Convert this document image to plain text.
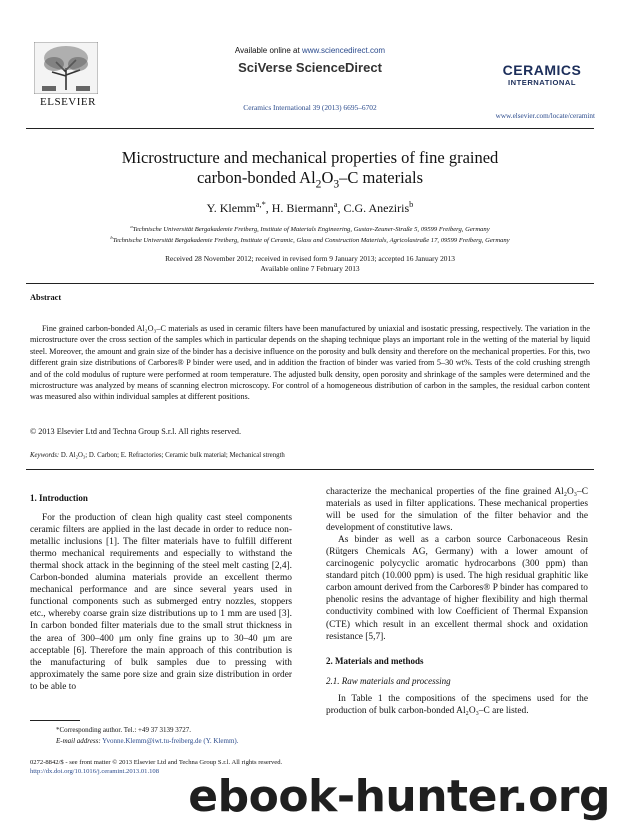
ELSEVIER
Available online at www.sciencedirect.com
SciVerse ScienceDirect
Ceramics International 39 (2013) 6695–6702
CERAMICS
INTERNATIONAL
www.elsevier.com/locate/ceramint
Microstructure and mechanical properties of fine grained
carbon-bonded $Al_2O_3-C$ materials
Y. Klemm$^{a,*}$, H. Biermann$^a$, C.G. Aneziris$^b$
$^a$Technische Universität Bergakademie Freiberg, Institute of Materials Engineering, Gustav-Zeuner-Straße 5, 09599 Freiberg, Germany
$^b$Technische Universität Bergakademie Freiberg, Institute of Ceramic, Glass and Construction Materials, Agricolastraße 17, 09599 Freiberg, Germany
Received 28 November 2012; received in revised form 9 January 2013; accepted 16 January 2013
Available online 7 February 2013
Abstract
Fine grained carbon-bonded Al₂O₃–C materials as used in ceramic filters have been manufactured by uniaxial and isostatic pressing, respectively. The variation in the microstructure over the cross section of the samples which in particular depends on the shaping technique plays an important role in the wetting of the material by liquid steel. Moreover, the amount and grain size of the binder has a decisive influence on the porosity and bulk density and therefore on the mechanical properties. For this, two different grain size distributions of Carbores® P binder were used, and in addition the fraction of binder was varied from 5–30 wt%. Tests of the cold crushing strength and of the cold modulus of rupture were performed at room temperature. The adjusted bulk density, open porosity and shrinkage of the samples were determined and the microstructure was analyzed by means of scanning electron microscopy. For control of a homogeneous distribution of carbon in the samples, the residual carbon content was measured also within individual samples at different positions.
© 2013 Elsevier Ltd and Techna Group S.r.l. All rights reserved.
Keywords: D. Al₂O₃; D. Carbon; E. Refractories; Ceramic bulk material; Mechanical strength
1. Introduction

For the production of clean high quality cast steel components ceramic filters are applied in the last decade in order to reduce non-metallic inclusions [1]. The filter materials have to fulfill different thermo mechanical requirements and especially to withstand the thermal shock attack in the beginning of the steel melt casting [2,4]. Carbon-bonded alumina materials provide an excellent thermo mechanical performance and are since several years used in functional components such as submerged entry nozzles, stoppers etc., whereby coarse grain size distributions up to 1 mm are used [3]. In carbon bonded filter materials due to the small strut thickness in the area of 300–400 μm only fine grains up to 30–40 μm are acceptable [6]. Therefore the main approach of this contribution is the manufacturing of bulk samples due to pressing with approximately the same pore size and grain size distribution in order to be able to

*Corresponding author. Tel.: +49 37 3139 3727.
E-mail address: Yvonne.Klemm@iwt.tu-freiberg.de (Y. Klemm).

characterize the mechanical properties of the fine grained Al₂O₃–C materials as used in filter applications. These mechanical properties will be used for the simulation of the filter behavior and the development of constitutive laws.

As binder as well as a carbon source Carbonaceous Resin (Rütgers Chemicals AG, Germany) with a lower amount of carcinogenic polycyclic aromatic hydrocarbons (300 ppm) than standard pitch (10.000 ppm) is used. The high residual graphitic like carbon amount derived from the Carbores® P binder has compared to phenolic resins the advantage of higher flexibility and high thermal conductivity combined with low Coefficient of Thermal Expansion (CTE) which result in an excellent thermal shock and oxidation resistance [5,7].

2. Materials and methods
2.1. Raw materials and processing

In Table 1 the compositions of the specimens used for the production of bulk carbon-bonded Al₂O₃–C are listed.

0272-8842/$ - see front matter © 2013 Elsevier Ltd and Techna Group S.r.l. All rights reserved.
http://dx.doi.org/10.1016/j.ceramint.2013.01.108 ebook-hunter.org
